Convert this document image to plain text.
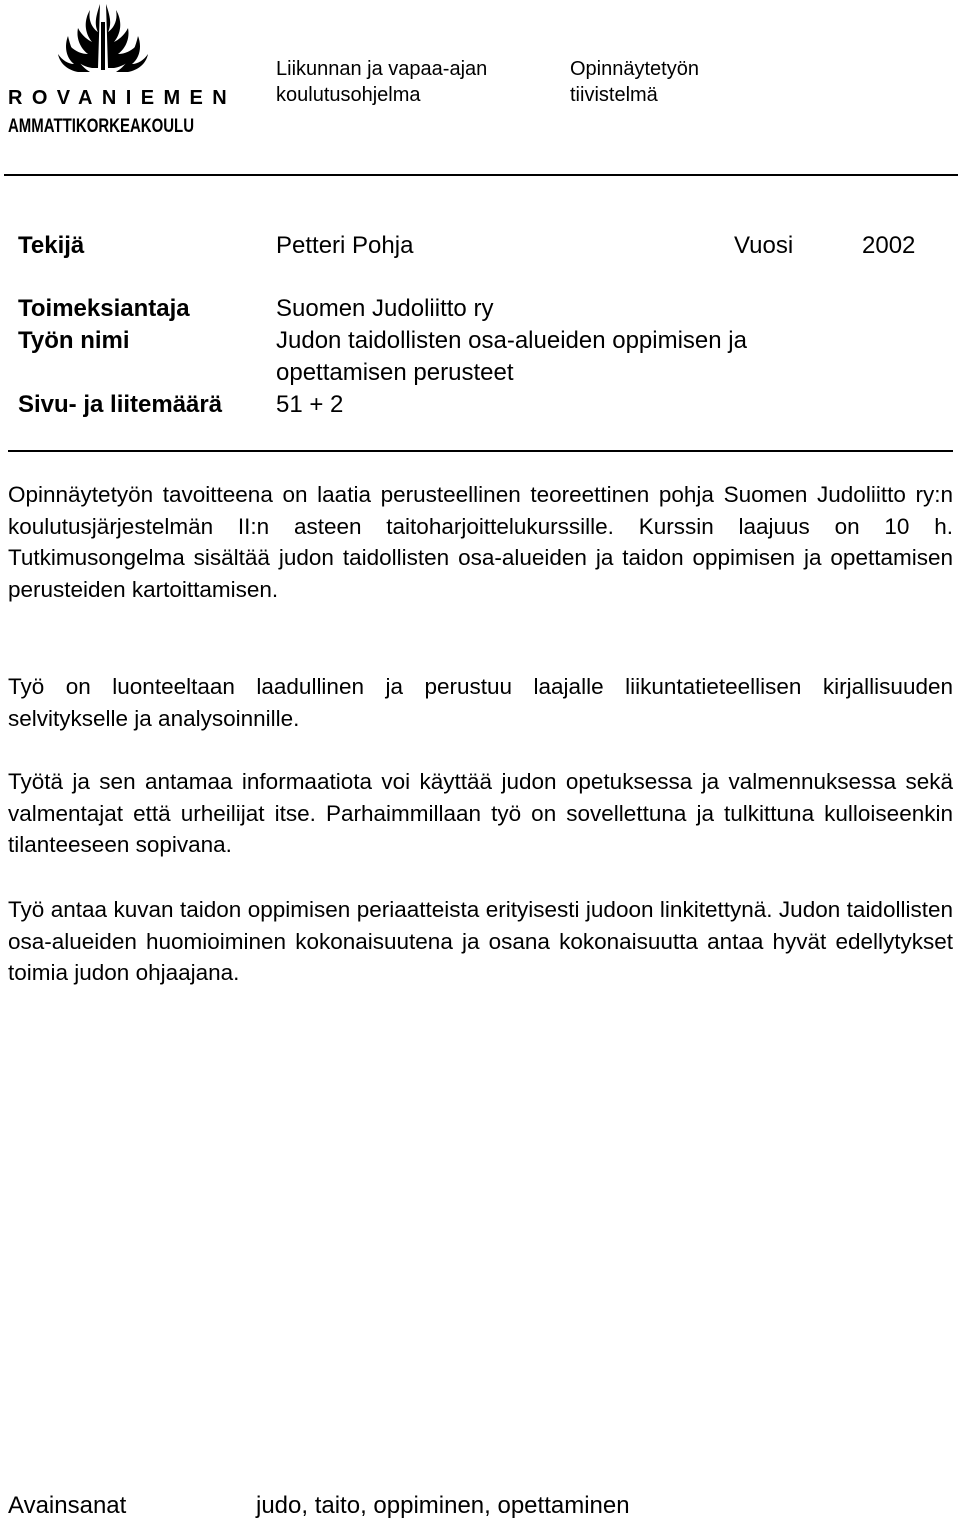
ROVANIEMEN
AMMATTIKORKEAKOULU
Liikunnan ja vapaa-ajan
koulutusohjelma
Opinnäytetyön
tiivistelmä
Tekijä	Petteri Pohja	Vuosi	2002
Toimeksiantaja	Suomen Judoliitto ry
Työn nimi	Judon taidollisten osa-alueiden oppimisen ja
opettamisen perusteet
Sivu- ja liitemäärä 51 + 2
Opinnäytetyön tavoitteena on laatia perusteellinen teoreettinen pohja Suomen Judoliitto ry:n koulutusjärjestelmän II:n asteen taitoharjoittelukurssille. Kurssin laajuus on 10 h. Tutkimusongelma sisältää judon taidollisten osa-alueiden ja taidon oppimisen ja opettamisen perusteiden kartoittamisen.
Työ on luonteeltaan laadullinen ja perustuu laajalle liikuntatieteellisen kirjallisuuden selvitykselle ja analysoinnille.
Työtä ja sen antamaa informaatiota voi käyttää judon opetuksessa ja valmennuksessa sekä valmentajat että urheilijat itse. Parhaimmillaan työ on sovellettuna ja tulkittuna kulloiseenkin tilanteeseen sopivana.
Työ antaa kuvan taidon oppimisen periaatteista erityisesti judoon linkitettynä. Judon taidollisten osa-alueiden huomioiminen kokonaisuutena ja osana kokonaisuutta antaa hyvät edellytykset toimia judon ohjaajana.
Avainsanat	judo, taito, oppiminen, opettaminen
